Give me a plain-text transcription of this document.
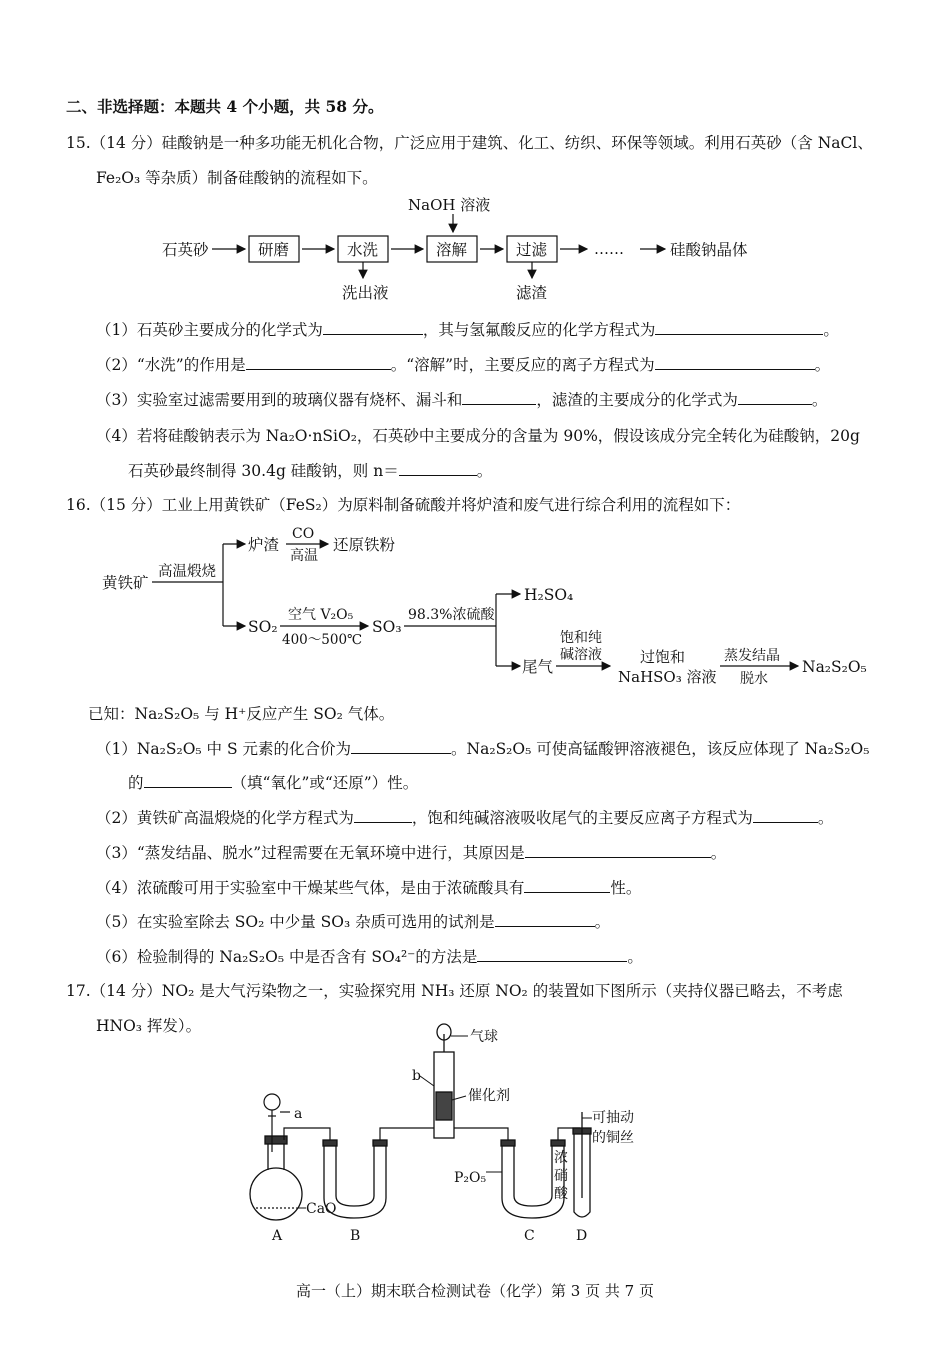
二、非选择题：本题共 4 个小题，共 58 分。
15.（14 分）硅酸钠是一种多功能无机化合物，广泛应用于建筑、化工、纺织、环保等领域。利用石英砂（含 NaCl、
Fe₂O₃ 等杂质）制备硅酸钠的流程如下。
NaOH 溶液
石英砂	研磨	水洗
洗出液
溶解	过滤
滤渣
……	硅酸钠晶体
（1）石英砂主要成分的化学式为	，其与氢氟酸反应的化学方程式为	。
（2）“水洗”的作用是	。“溶解”时，主要反应的离子方程式为	。
（3）实验室过滤需要用到的玻璃仪器有烧杯、漏斗和	，滤渣的主要成分的化学式为	。
（4）若将硅酸钠表示为 Na₂O·nSiO₂，石英砂中主要成分的含量为 90%，假设该成分完全转化为硅酸钠，20g
石英砂最终制得 30.4g 硅酸钠，则 n＝	。
16.（15 分）工业上用黄铁矿（FeS₂）为原料制备硫酸并将炉渣和废气进行综合利用的流程如下：
黄铁矿
高温煅烧
炉渣
CO
高温
还原铁粉
SO₂
空气 V₂O₅
400～500℃
SO₃
98.3%浓硫酸
H₂SO₄
尾气
饱和纯
碱溶液	过饱和
NaHSO₃ 溶液
蒸发结晶
脱水
Na₂S₂O₅
已知：Na₂S₂O₅ 与 H⁺反应产生 SO₂ 气体。
（1）Na₂S₂O₅ 中 S 元素的化合价为	。Na₂S₂O₅ 可使高锰酸钾溶液褪色，该反应体现了 Na₂S₂O₅
的	（填“氧化”或“还原”）性。
（2）黄铁矿高温煅烧的化学方程式为	，饱和纯碱溶液吸收尾气的主要反应离子方程式为	。
（3）“蒸发结晶、脱水”过程需要在无氧环境中进行，其原因是	。
（4）浓硫酸可用于实验室中干燥某些气体，是由于浓硫酸具有	性。
（5）在实验室除去 SO₂ 中少量 SO₃ 杂质可选用的试剂是	。
（6）检验制得的 Na₂S₂O₅ 中是否含有 SO₄²⁻的方法是	。
17.（14 分）NO₂ 是大气污染物之一，实验探究用 NH₃ 还原 NO₂ 的装置如下图所示（夹持仪器已略去，不考虑
HNO₃ 挥发）。
a
CaO
气球
b
催化剂
P₂O₅
可抽动
的铜丝
浓
硝
酸
A	B	C	D
高一（上）期末联合检测试卷（化学）第 3 页 共 7 页
